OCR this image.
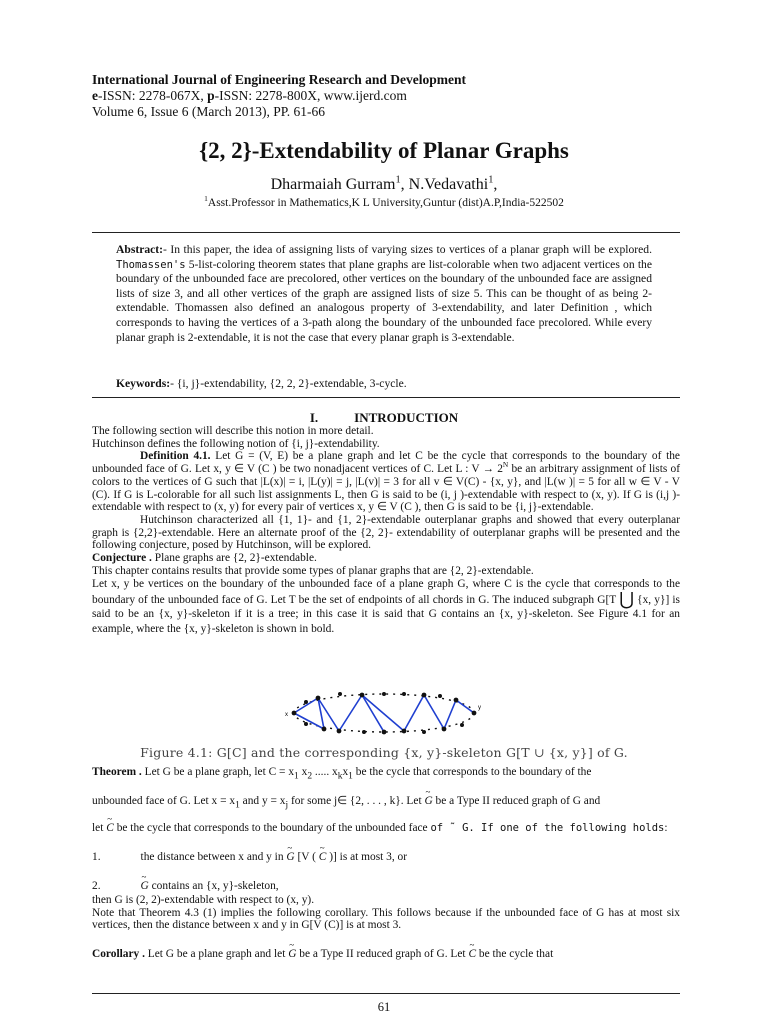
International Journal of Engineering Research and Development
e-ISSN: 2278-067X, p-ISSN: 2278-800X, www.ijerd.com
Volume 6, Issue 6 (March 2013), PP. 61-66
{2, 2}-Extendability of Planar Graphs
Dharmaiah Gurram$^1$, N.Vedavathi$^1$,
$^1$Asst.Professor in Mathematics,K L University,Guntur (dist)A.P,India-522502
Abstract:- In this paper, the idea of assigning lists of varying sizes to vertices of a planar graph will be explored. Thomassen's 5-list-coloring theorem states that plane graphs are list-colorable when two adjacent vertices on the boundary of the unbounded face are precolored, other vertices on the boundary of the unbounded face are assigned lists of size 3, and all other vertices of the graph are assigned lists of size 5. This can be thought of as being 2-extendable. Thomassen also defined an analogous property of 3-extendability, and later Definition , which corresponds to having the vertices of a 3-path along the boundary of the unbounded face precolored. While every planar graph is 2-extendable, it is not the case that every planar graph is 3-extendable.
Keywords:- {i, j}-extendability, {2, 2, 2}-extendable, 3-cycle.
I.	INTRODUCTION

The following section will describe this notion in more detail.

Hutchinson defines the following notion of {i, j}-extendability.

Definition 4.1. Let G = (V, E) be a plane graph and let C be the cycle that corresponds to the boundary of the unbounded face of G. Let x, y ∈ V (C ) be two nonadjacent vertices of C. Let L : $V \to 2^N$ be an arbitrary assignment of lists of colors to the vertices of G such that |L(x)| = i, |L(y)| = j, |L(v)| = 3 for all v ∈ V(C) - {x, y}, and |L(w )| = 5 for all w ∈ V - V (C). If G is L-colorable for all such list assignments L, then G is said to be (i, j )-extendable with respect to (x, y). If G is (i,j )-extendable with respect to (x, y) for every pair of vertices x, y ∈ V (C ), then G is said to be {i, j}-extendable.

Hutchinson characterized all {1, 1}- and {1, 2}-extendable outerplanar graphs and showed that every outerplanar graph is {2,2}-extendable. Here an alternate proof of the {2, 2}- extendability of outerplanar graphs will be presented and the following conjecture, posed by Hutchinson, will be explored.

Conjecture . Plane graphs are {2, 2}-extendable.

This chapter contains results that provide some types of planar graphs that are {2, 2}-extendable.

Let x, y be vertices on the boundary of the unbounded face of a plane graph G, where C is the cycle that corresponds to the boundary of the unbounded face of G. Let T be the set of endpoints of all chords in G. The induced subgraph G[T ⋃ {x, y}] is said to be an {x, y}-skeleton if it is a tree; in this case it is said that G contains an {x, y}-skeleton. See Figure 4.1 for an example, where the {x, y}-skeleton is shown in bold.

x
y
Figure 4.1: G[C] and the corresponding {x, y}-skeleton G[T ∪ {x, y}] of G.
Theorem . Let G be a plane graph, let $C = x_1$ $x_2$ ..... $x_kx_1$ be the cycle that corresponds to the boundary of the
unbounded face of G. Let $x = x_1$ and $y = x_j$ for some j∈ {2, . . . , k}. Let ~ G be a Type II reduced graph of G and
let ~ C be the cycle that corresponds to the boundary of the unbounded face of ˜ G. If one of the following holds:
1.	the distance between x and y in ~ G [V ( ~ C )] is at most 3, or
2.~	G contains an {x, y}-skeleton,
then G is (2, 2)-extendable with respect to (x, y).
Note that Theorem 4.3 (1) implies the following corollary. This follows because if the unbounded face of G has at most six vertices, then the distance between x and y in G[V (C)] is at most 3.
Corollary . Let G be a plane graph and let ~ G be a Type II reduced graph of G. Let ~ C be the cycle that
61
